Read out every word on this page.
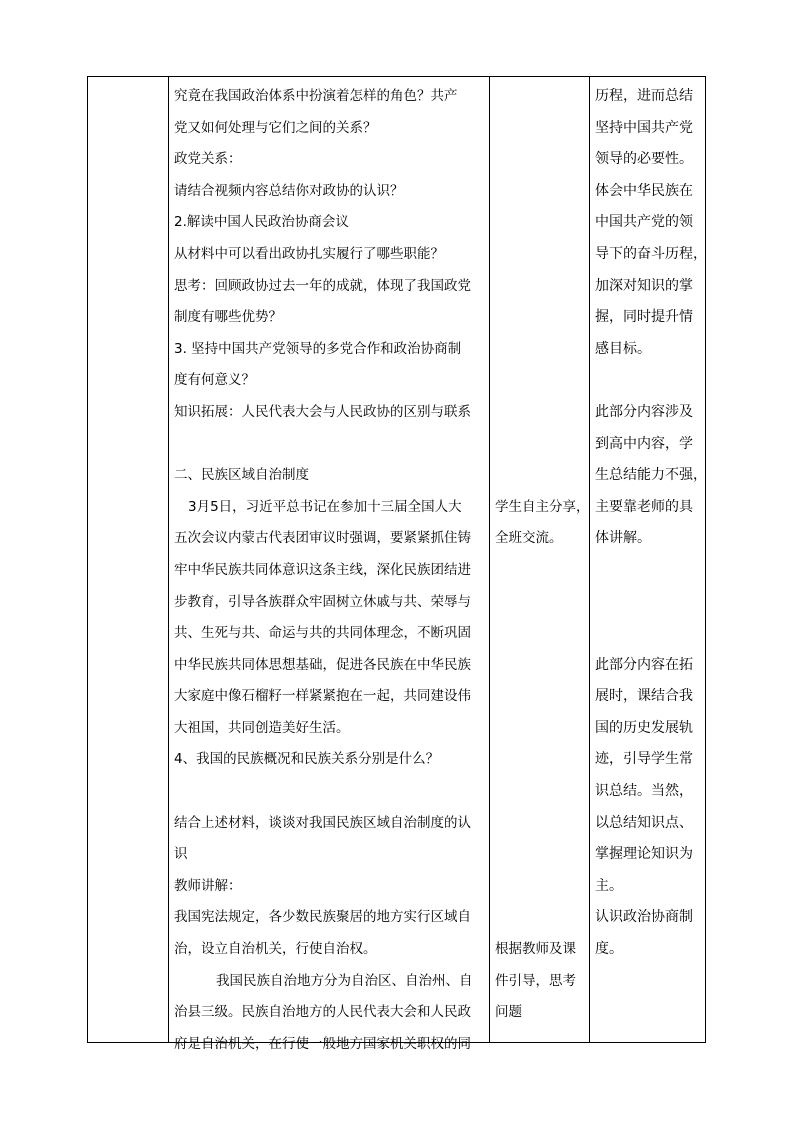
究竟在我国政治体系中扮演着怎样的角色？共产

党又如何处理与它们之间的关系？

政党关系：

请结合视频内容总结你对政协的认识？

2.解读中国人民政治协商会议

从材料中可以看出政协扎实履行了哪些职能？

思考：回顾政协过去一年的成就，体现了我国政党

制度有哪些优势？

3. 坚持中国共产党领导的多党合作和政治协商制

度有何意义？

知识拓展：人民代表大会与人民政协的区别与联系

二、民族区域自治制度

3月5日，习近平总书记在参加十三届全国人大

五次会议内蒙古代表团审议时强调，要紧紧抓住铸

牢中华民族共同体意识这条主线，深化民族团结进

步教育，引导各族群众牢固树立休戚与共、荣辱与

共、生死与共、命运与共的共同体理念，不断巩固

中华民族共同体思想基础，促进各民族在中华民族

大家庭中像石榴籽一样紧紧抱在一起，共同建设伟

大祖国，共同创造美好生活。

4、我国的民族概况和民族关系分别是什么？

结合上述材料，谈谈对我国民族区域自治制度的认

识

教师讲解：

我国宪法规定，各少数民族聚居的地方实行区域自

治，设立自治机关，行使自治权。

我国民族自治地方分为自治区、自治州、自

治县三级。民族自治地方的人民代表大会和人民政

府是自治机关，在行使一般地方国家机关职权的同

学生自主分享，

全班交流。

根据教师及课

件引导，思考

问题

历程，进而总结

坚持中国共产党

领导的必要性。

体会中华民族在

中国共产党的领

导下的奋斗历程，

加深对知识的掌

握，同时提升情

感目标。

此部分内容涉及

到高中内容，学

生总结能力不强，

主要靠老师的具

体讲解。

此部分内容在拓

展时，课结合我

国的历史发展轨

迹，引导学生常

识总结。当然，

以总结知识点、

掌握理论知识为

主。

认识政治协商制

度。
